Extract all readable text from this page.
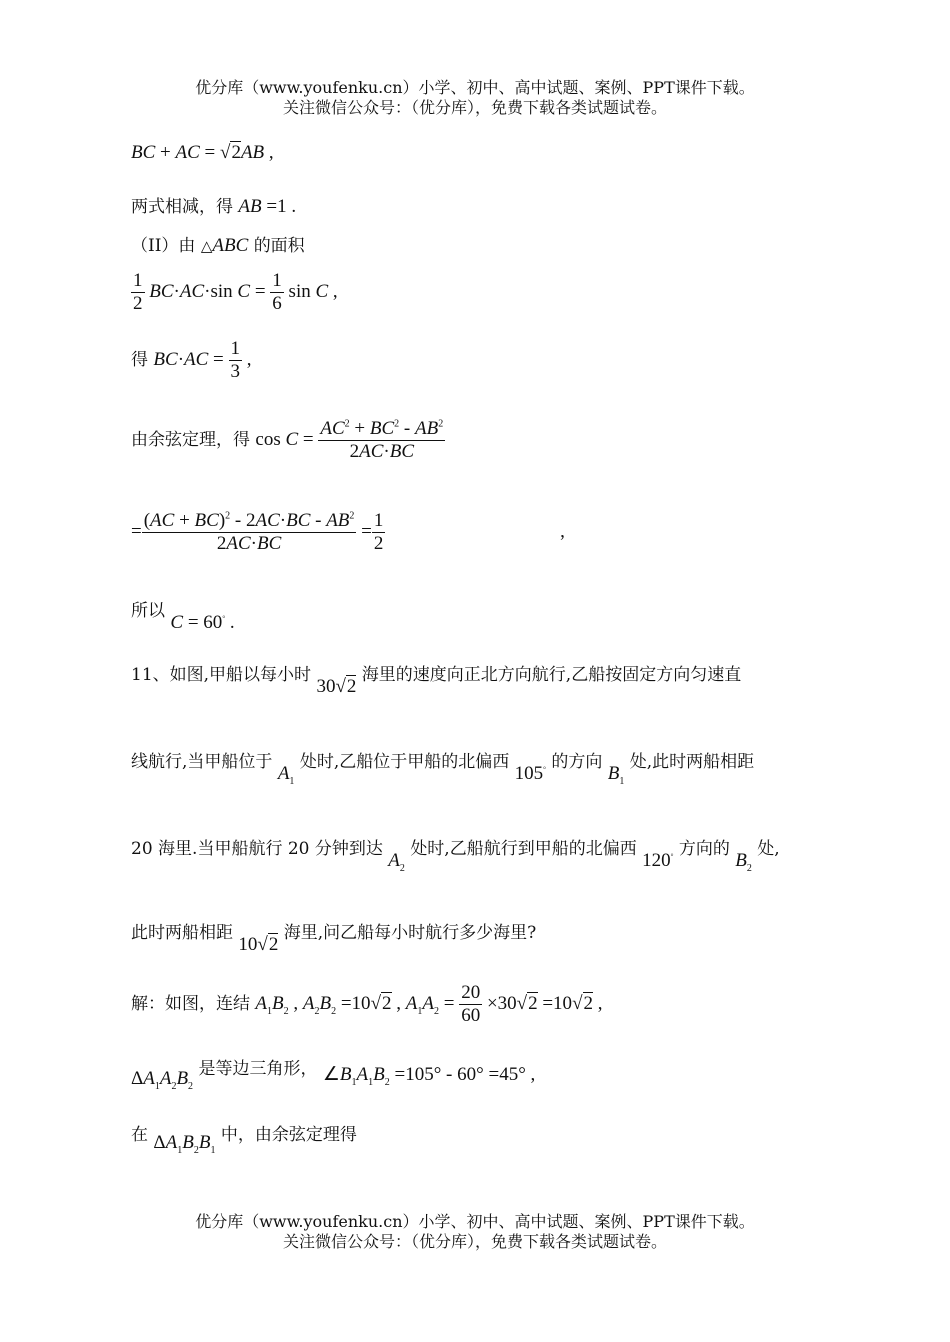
优分库（www.youfenku.cn）小学、初中、高中试题、案例、PPT课件下载。
关注微信公众号：（优分库），免费下载各类试题试卷。
BC + AC = √2AB ,
两式相减，得 AB =1 .
（II）由 △ABC 的面积
$\frac{1}{2} BC\cdot AC\cdot\sin$ $C = \frac{1}{6}$ sin C ,
得 $BC\cdot AC = \frac{1}{3}$ ,
由余弦定理，得 $\cos C = \frac{AC^2 + BC^2 - AB^2}{2AC\cdot BC}$
= $\frac{(AC + BC)^2 - 2AC\cdot BC - AB^2}{2AC\cdot BC} = \frac{1}{2}$	,
所以 C = 60° .
11、如图,甲船以每小时 30√2 海里的速度向正北方向航行,乙船按固定方向匀速直
线航行,当甲船位于 $A_1$ 处时,乙船位于甲船的北偏西 105° 的方向 $B_1$ 处,此时两船相距
20 海里.当甲船航行 20 分钟到达 $A_2$ 处时,乙船航行到甲船的北偏西 120° 方向的 $B_2$ 处,
此时两船相距 10√2 海里,问乙船每小时航行多少海里?
解：如图，连结 $A_1B_2$ , $A_2B_2 =10√2$ , $A_1A_2 = \frac{20}{60} \times 30√2 =10√2$ ,
$\Delta A_1A_2B_2$ 是等边三角形， $\angle B_1A_1B_2 =105^\circ - 60^\circ =45^\circ$ ,
在 $\Delta A_1B_2B_1$ 中，由余弦定理得
优分库（www.youfenku.cn）小学、初中、高中试题、案例、PPT课件下载。
关注微信公众号：（优分库），免费下载各类试题试卷。
